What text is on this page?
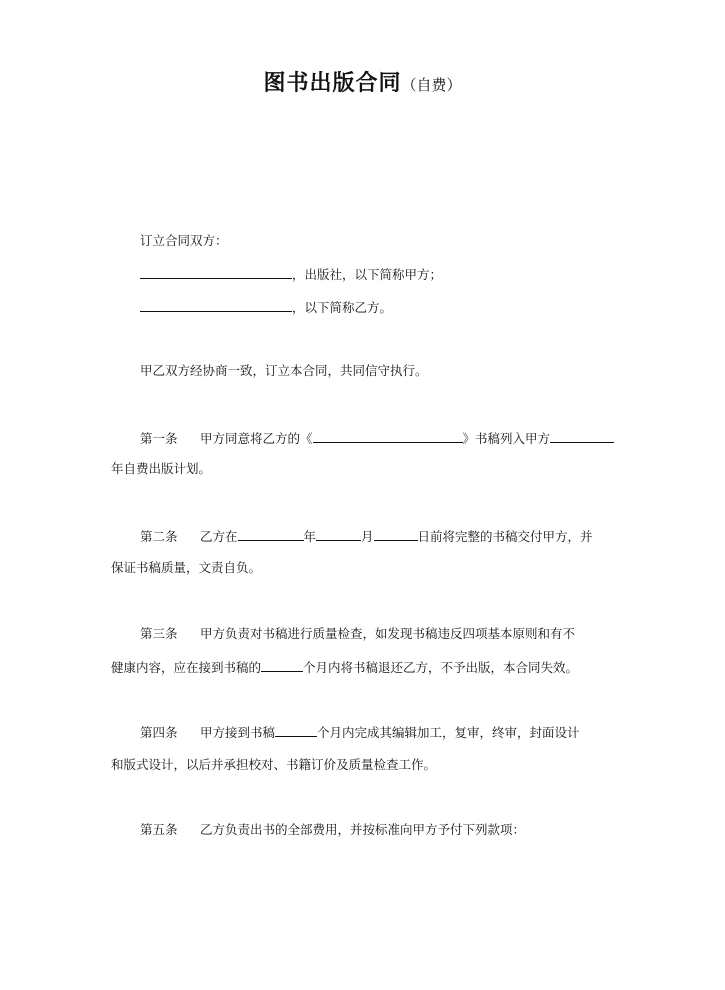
图书出版合同（自费）
订立合同双方：
，出版社，以下简称甲方；
，以下简称乙方。
甲乙双方经协商一致，订立本合同，共同信守执行。
第一条 甲方同意将乙方的《	》书稿列入甲方
年自费出版计划。
第二条 乙方在	年	月	日前将完整的书稿交付甲方，并
保证书稿质量，文责自负。
第三条 甲方负责对书稿进行质量检查，如发现书稿违反四项基本原则和有不
健康内容，应在接到书稿的	个月内将书稿退还乙方，不予出版，本合同失效。
第四条 甲方接到书稿	个月内完成其编辑加工，复审，终审，封面设计
和版式设计，以后并承担校对、书籍订价及质量检查工作。
第五条 乙方负责出书的全部费用，并按标准向甲方予付下列款项：
